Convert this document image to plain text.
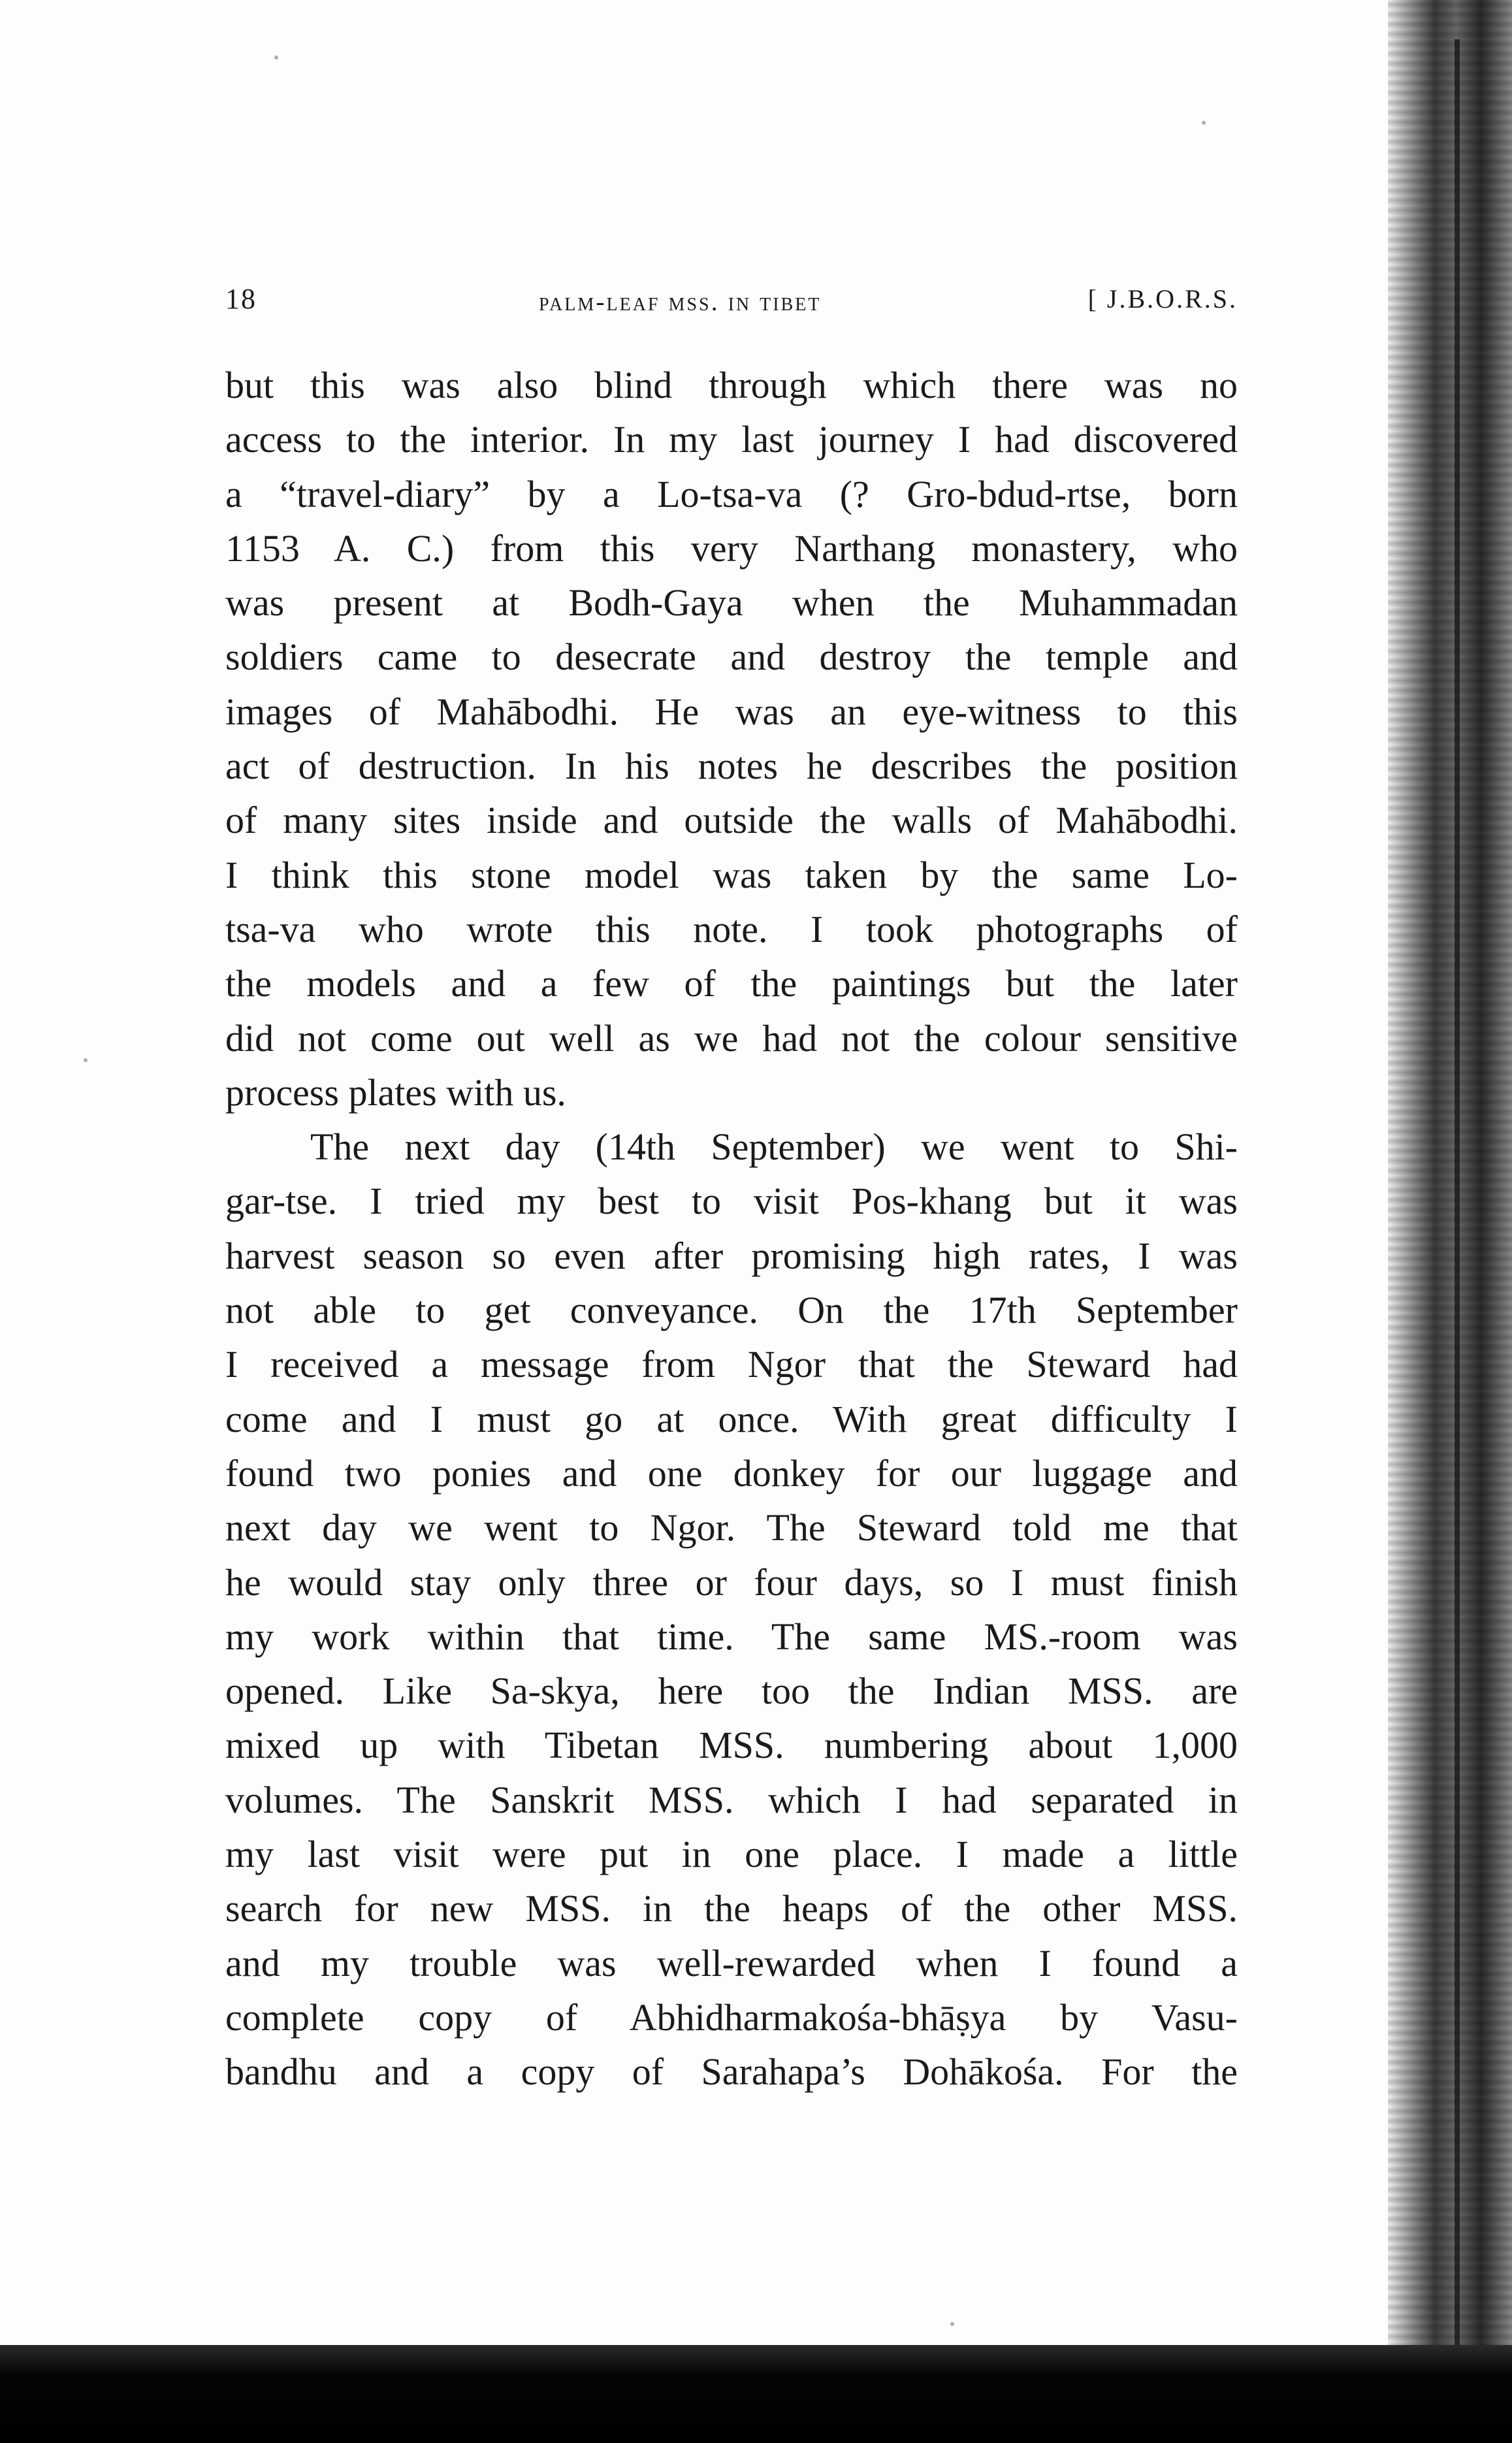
18	palm-leaf mss. in tibet	[ J.B.O.R.S.
but this was also blind through which there was no
access to the interior. In my last journey I had discovered
a “travel-diary” by a Lo-tsa-va (? Gro-bdud-rtse, born
1153 A. C.) from this very Narthang monastery, who
was present at Bodh-Gaya when the Muhammadan
soldiers came to desecrate and destroy the temple and
images of Mahābodhi. He was an eye-witness to this
act of destruction. In his notes he describes the position
of many sites inside and outside the walls of Mahābodhi.
I think this stone model was taken by the same Lo-
tsa-va who wrote this note. I took photographs of
the models and a few of the paintings but the later
did not come out well as we had not the colour sensitive
process plates with us.
The next day (14th September) we went to Shi-
gar-tse. I tried my best to visit Pos-khang but it was
harvest season so even after promising high rates, I was
not able to get conveyance. On the 17th September
I received a message from Ngor that the Steward had
come and I must go at once. With great difficulty I
found two ponies and one donkey for our luggage and
next day we went to Ngor. The Steward told me that
he would stay only three or four days, so I must finish
my work within that time. The same MS.-room was
opened. Like Sa-skya, here too the Indian MSS. are
mixed up with Tibetan MSS. numbering about 1,000
volumes. The Sanskrit MSS. which I had separated in
my last visit were put in one place. I made a little
search for new MSS. in the heaps of the other MSS.
and my trouble was well-rewarded when I found a
complete copy of Abhidharmakośa-bhāṣya by Vasu-
bandhu and a copy of Sarahapa’s Dohākośa. For the
